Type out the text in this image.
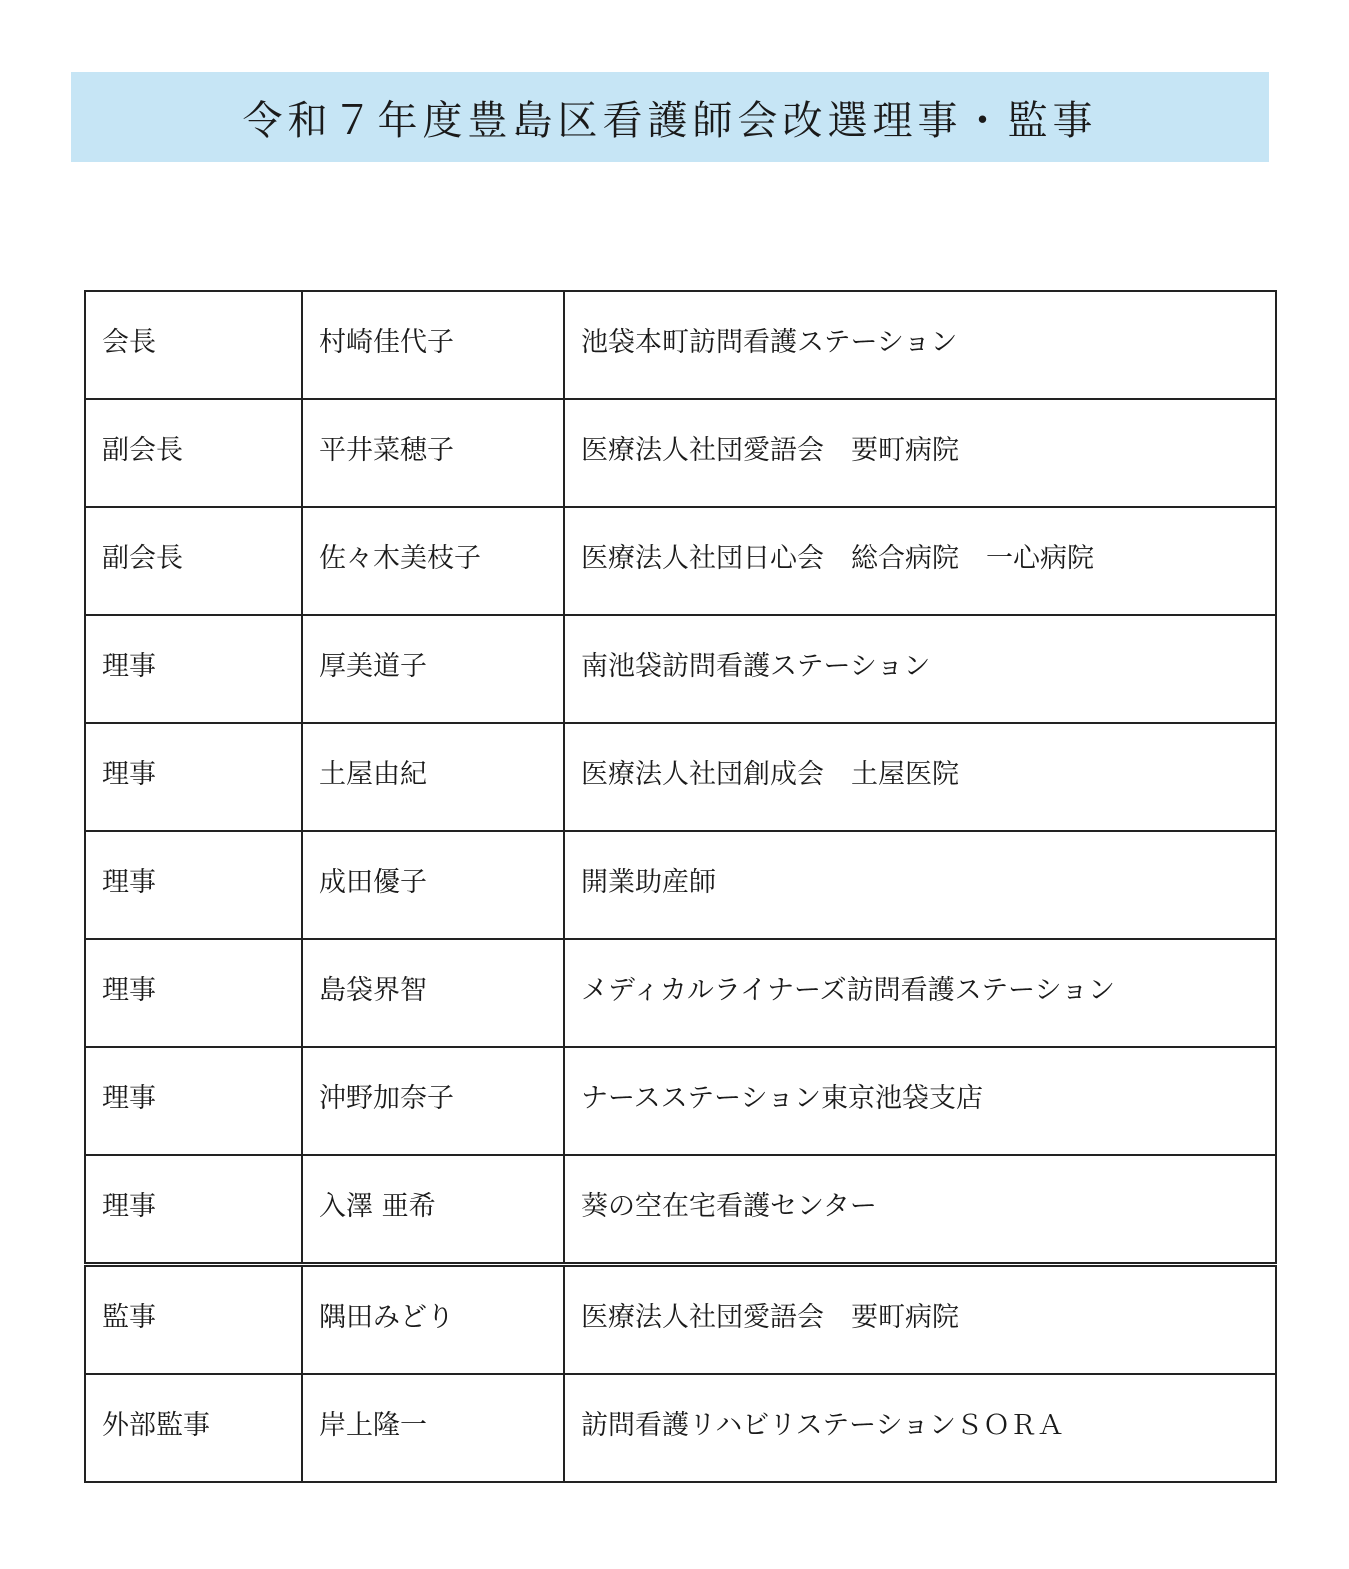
令和７年度豊島区看護師会改選理事・監事
会長	村崎佳代子	池袋本町訪問看護ステーション
副会長	平井菜穂子	医療法人社団愛語会　要町病院
副会長	佐々木美枝子	医療法人社団日心会　総合病院　一心病院
理事	厚美道子	南池袋訪問看護ステーション
理事	土屋由紀	医療法人社団創成会　土屋医院
理事	成田優子	開業助産師
理事	島袋界智	メディカルライナーズ訪問看護ステーション
理事	沖野加奈子	ナースステーション東京池袋支店
理事	入澤 亜希	葵の空在宅看護センター
監事	隅田みどり	医療法人社団愛語会　要町病院
外部監事	岸上隆一	訪問看護リハビリステーションＳＯＲＡ
